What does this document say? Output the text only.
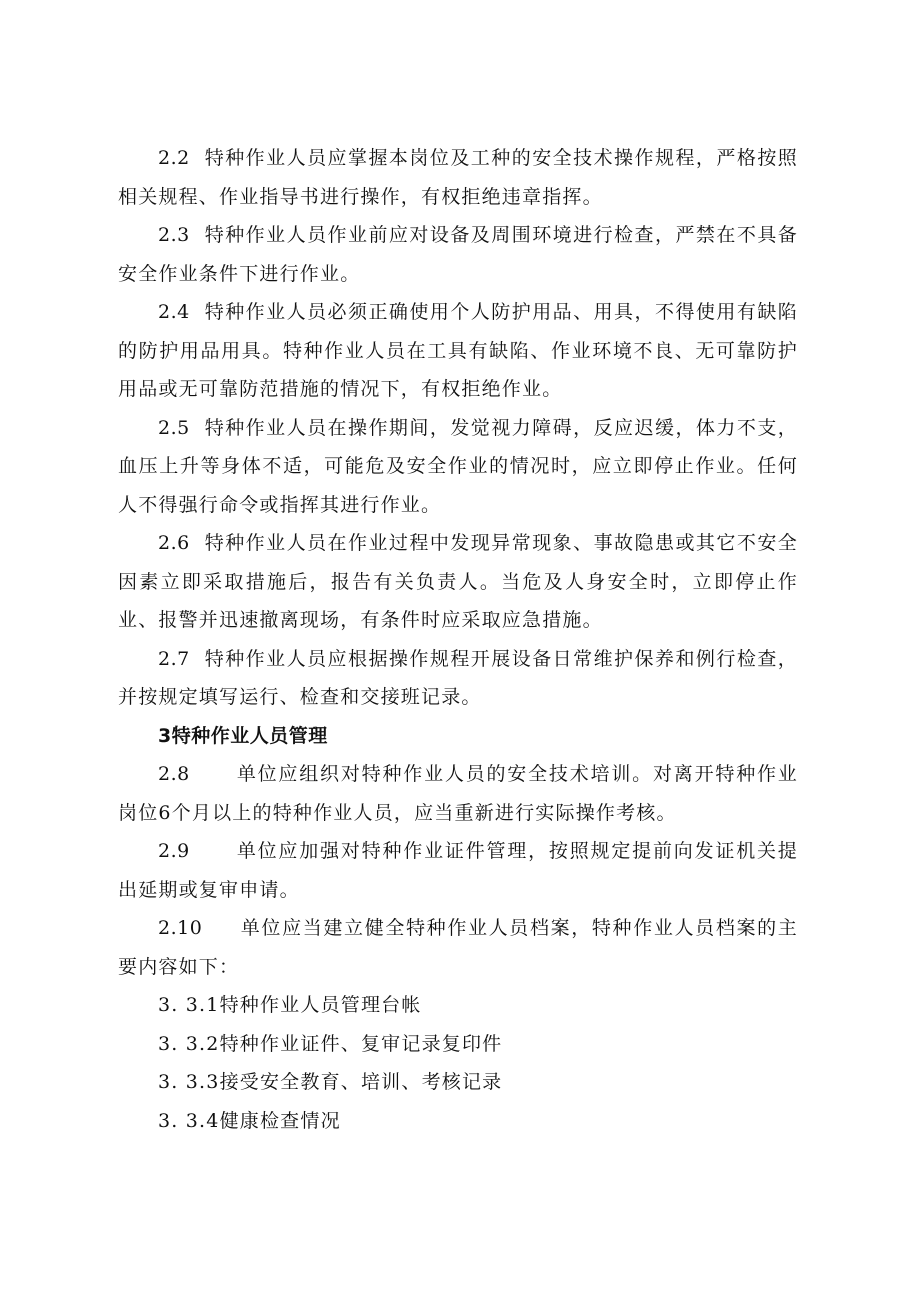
2.2 特种作业人员应掌握本岗位及工种的安全技术操作规程，严格按照相关规程、作业指导书进行操作，有权拒绝违章指挥。

2.3 特种作业人员作业前应对设备及周围环境进行检查，严禁在不具备安全作业条件下进行作业。

2.4 特种作业人员必须正确使用个人防护用品、用具，不得使用有缺陷的防护用品用具。特种作业人员在工具有缺陷、作业环境不良、无可靠防护用品或无可靠防范措施的情况下，有权拒绝作业。

2.5 特种作业人员在操作期间，发觉视力障碍，反应迟缓，体力不支，血压上升等身体不适，可能危及安全作业的情况时，应立即停止作业。任何人不得强行命令或指挥其进行作业。

2.6 特种作业人员在作业过程中发现异常现象、事故隐患或其它不安全因素立即采取措施后，报告有关负责人。当危及人身安全时，立即停止作业、报警并迅速撤离现场，有条件时应采取应急措施。

2.7 特种作业人员应根据操作规程开展设备日常维护保养和例行检查，并按规定填写运行、检查和交接班记录。

3特种作业人员管理

2.8 单位应组织对特种作业人员的安全技术培训。对离开特种作业岗位6个月以上的特种作业人员，应当重新进行实际操作考核。

2.9 单位应加强对特种作业证件管理，按照规定提前向发证机关提出延期或复审申请。

2.10 单位应当建立健全特种作业人员档案，特种作业人员档案的主要内容如下：

3. 3.1特种作业人员管理台帐

3. 3.2特种作业证件、复审记录复印件

3. 3.3接受安全教育、培训、考核记录

3. 3.4健康检查情况
